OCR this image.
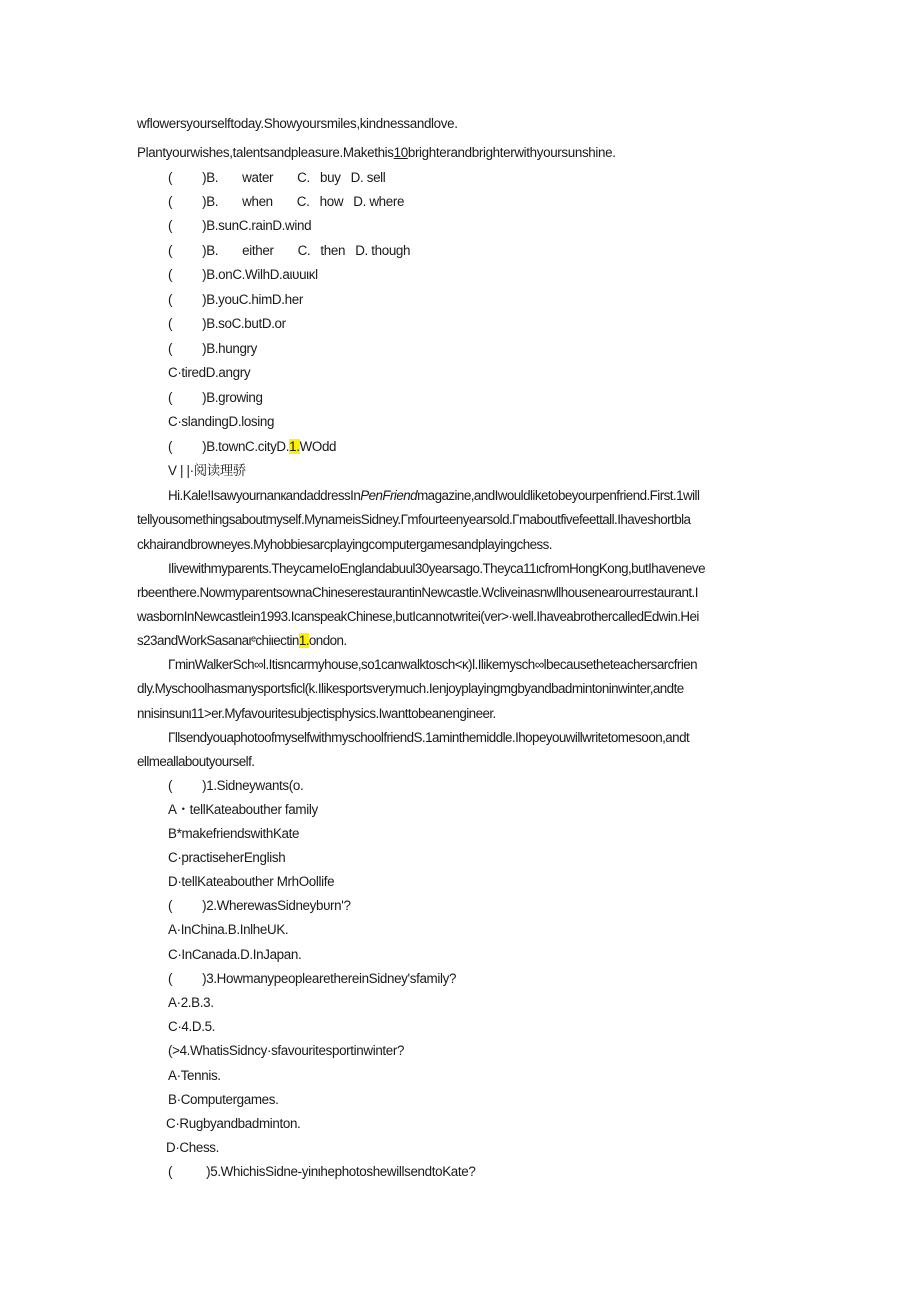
wflowersyourselftoday.Showyoursmiles,kindnessandlove.

Plantyourwishes,talentsandpleasure.Makethis10brighterandbrighterwithyoursunshine.

( )B. water C. buy D. sell

( )B. when C. how D. where

( )B.sunC.rainD.wind

( )B. either C. then D. though

( )B.onC.WilhD.aιυuικl

( )B.youC.himD.her

( )B.soC.butD.or

( )B.hungry

C·tiredD.angry

( )B.growing

C·slandingD.losing

( )B.townC.cityD.1.WOdd

V | |·阅读理骄

Hi.Kale!IsawyournanкandaddressInPenFriendmagazine,andIwouldliketobeyourpenfriend.First.1will

tellyousomethingsaboutmyself.MynameisSidney.Γmfourteenyearsold.Γmaboutfivefeettall.Ihaveshortbla

ckhairandbrowneyes.Myhobbiesarcplayingcomputergamesandplayingchess.

Ilivewithmyparents.TheycameIoEnglandabuul30yearsago.Theyca11ιcfromHongKong,butIhaveneve

rbeenthere.NowmyparentsownaChineserestaurantinNewcastle.Wcliveinasnwllhousenearourrestaurant.I

wasbornInNewcastlein1993.IcanspeakChinese,butIcannotwritei(ver>·well.IhaveabrothercalledEdwin.Hei

s23andWorkSasanaιᵉchiιectin1.ondon.

ΓminWalkerSch∞l.Itisncarmyhouse,so1canwalktosch<κ)l.Ilikemysch∞lbecausetheteachersarcfrien

dly.Myschoolhasmanysportsficl(k.Ilikesportsverymuch.Ienjoyplayingmgbyandbadmintoninwinter,andte

nnisinsunι11>er.Myfavouritesubjectisphysics.Iwanttobeanengineer.

ΓllsendyouaphotoofmyselfwithmyschoolfriendS.1aminthemiddle.Ihopeyouwillwritetomesoon,andt

ellmeallaboutyourself.

( )1.Sidneywants(o.

A・tellKateabouther family

B*makefriendswithKate

C·practiseherEnglish

D·tellKateabouther MrhOollife

( )2.WherewasSidneybυrn'?

A·InChina.B.InlheUK.

C·InCanada.D.InJapan.

( )3.HowmanypeoplearethereinSidney'sfamily?

A·2.B.3.

C·4.D.5.

(>4.WhatisSidncy·sfavouritesportinwinter?

A·Tennis.

B·Computergames.

C·Rugbyandbadminton.

D·Chess.

(	)5.WhichisSidne-yinιhephotoshewillsendtoKate?
